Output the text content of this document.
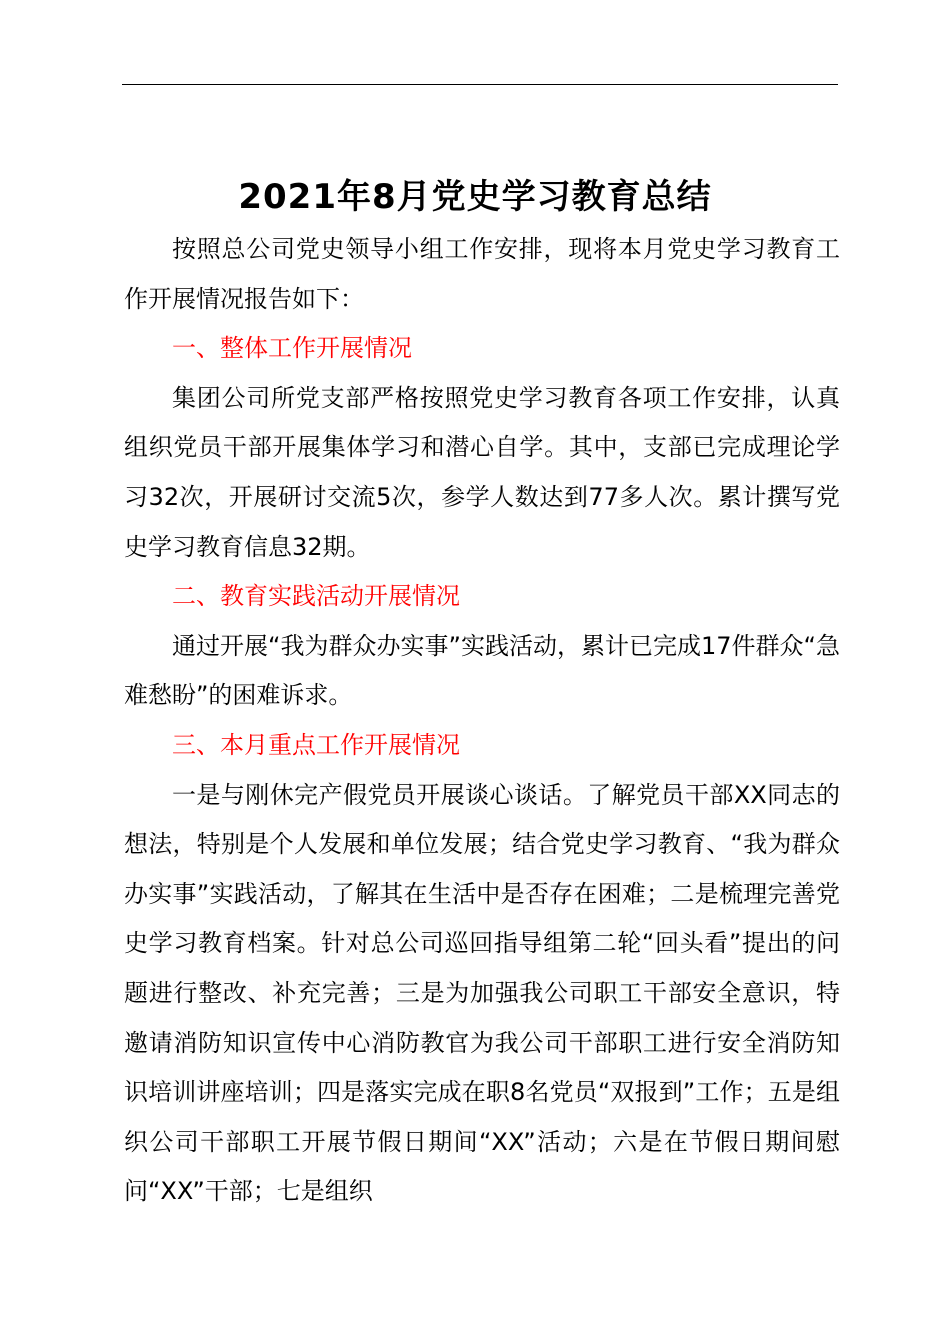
2021年8月党史学习教育总结

按照总公司党史领导小组工作安排，现将本月党史学习教育工作开展情况报告如下：

一、整体工作开展情况

集团公司所党支部严格按照党史学习教育各项工作安排，认真组织党员干部开展集体学习和潜心自学。其中，支部已完成理论学习32次，开展研讨交流5次，参学人数达到77多人次。累计撰写党史学习教育信息32期。

二、教育实践活动开展情况

通过开展“我为群众办实事”实践活动，累计已完成17件群众“急难愁盼”的困难诉求。

三、本月重点工作开展情况

一是与刚休完产假党员开展谈心谈话。了解党员干部XX同志的想法，特别是个人发展和单位发展；结合党史学习教育、“我为群众办实事”实践活动，了解其在生活中是否存在困难；二是梳理完善党史学习教育档案。针对总公司巡回指导组第二轮“回头看”提出的问题进行整改、补充完善；三是为加强我公司职工干部安全意识，特邀请消防知识宣传中心消防教官为我公司干部职工进行安全消防知识培训讲座培训；四是落实完成在职8名党员“双报到”工作；五是组织公司干部职工开展节假日期间“XX”活动；六是在节假日期间慰问“XX”干部；七是组织
